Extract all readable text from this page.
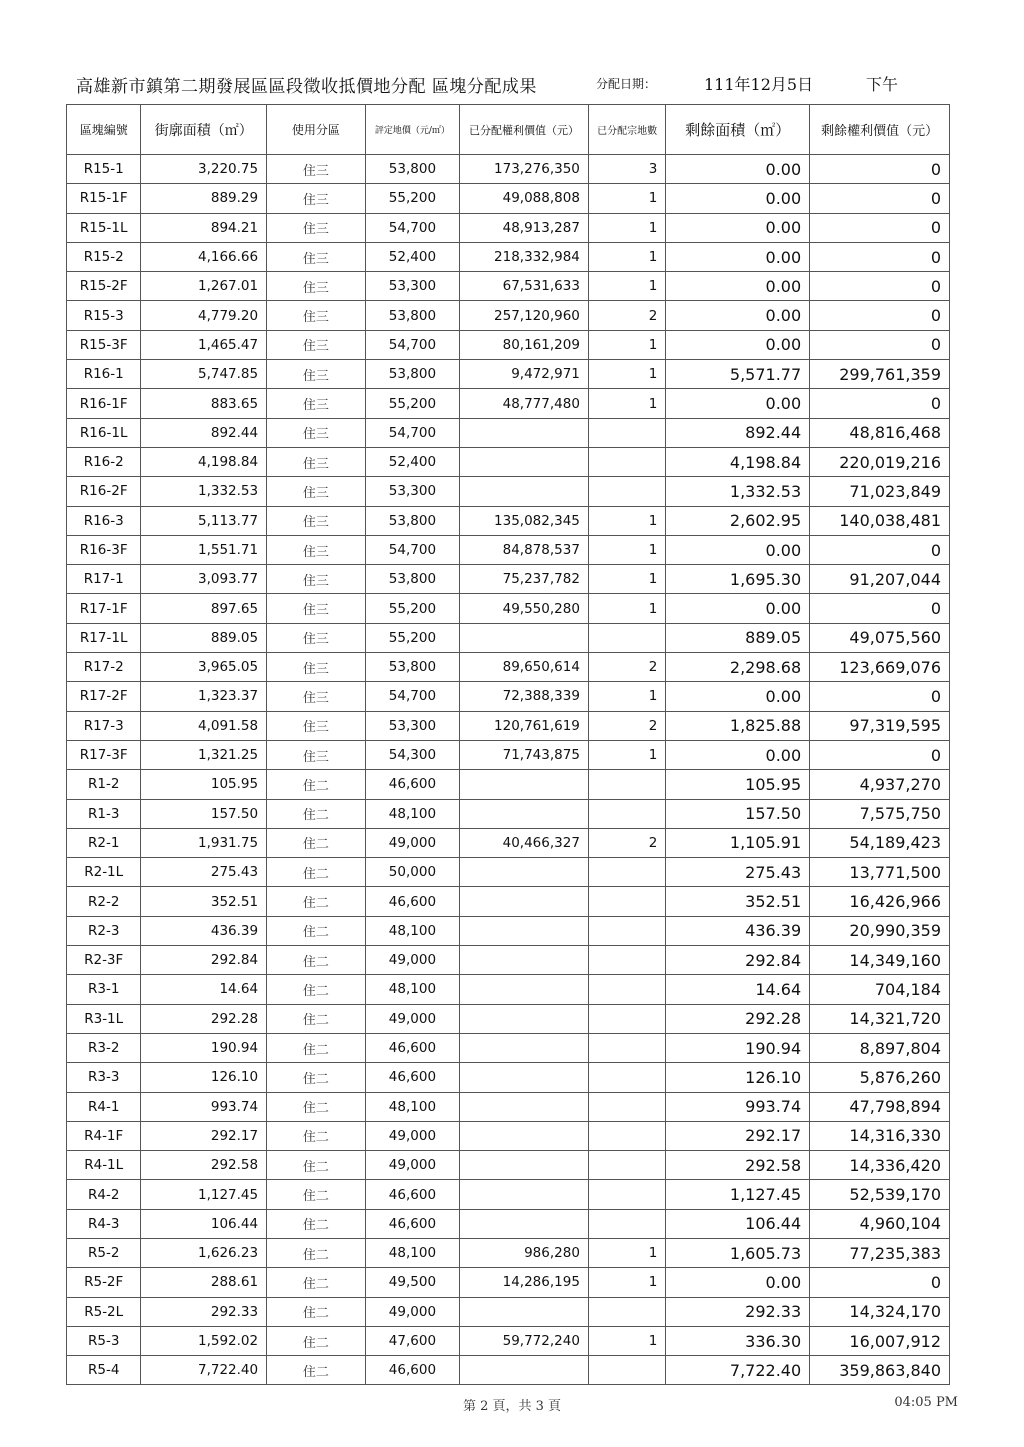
高雄新市鎮第二期發展區區段徵收抵價地分配 區塊分配成果	分配日期：	111年12月5日	下午
區塊編號	街廓面積（㎡）	使用分區	評定地價（元/㎡）	已分配權利價值（元）	已分配宗地數	剩餘面積（㎡）	剩餘權利價值（元）
R15-1	3,220.75	住三	53,800	173,276,350	3	0.00	0
R15-1F	889.29	住三	55,200	49,088,808	1	0.00	0
R15-1L	894.21	住三	54,700	48,913,287	1	0.00	0
R15-2	4,166.66	住三	52,400	218,332,984	1	0.00	0
R15-2F	1,267.01	住三	53,300	67,531,633	1	0.00	0
R15-3	4,779.20	住三	53,800	257,120,960	2	0.00	0
R15-3F	1,465.47	住三	54,700	80,161,209	1	0.00	0
R16-1	5,747.85	住三	53,800	9,472,971	1	5,571.77	299,761,359
R16-1F	883.65	住三	55,200	48,777,480	1	0.00	0
R16-1L	892.44	住三	54,700			892.44	48,816,468
R16-2	4,198.84	住三	52,400			4,198.84	220,019,216
R16-2F	1,332.53	住三	53,300			1,332.53	71,023,849
R16-3	5,113.77	住三	53,800	135,082,345	1	2,602.95	140,038,481
R16-3F	1,551.71	住三	54,700	84,878,537	1	0.00	0
R17-1	3,093.77	住三	53,800	75,237,782	1	1,695.30	91,207,044
R17-1F	897.65	住三	55,200	49,550,280	1	0.00	0
R17-1L	889.05	住三	55,200			889.05	49,075,560
R17-2	3,965.05	住三	53,800	89,650,614	2	2,298.68	123,669,076
R17-2F	1,323.37	住三	54,700	72,388,339	1	0.00	0
R17-3	4,091.58	住三	53,300	120,761,619	2	1,825.88	97,319,595
R17-3F	1,321.25	住三	54,300	71,743,875	1	0.00	0
R1-2	105.95	住二	46,600			105.95	4,937,270
R1-3	157.50	住二	48,100			157.50	7,575,750
R2-1	1,931.75	住二	49,000	40,466,327	2	1,105.91	54,189,423
R2-1L	275.43	住二	50,000			275.43	13,771,500
R2-2	352.51	住二	46,600			352.51	16,426,966
R2-3	436.39	住二	48,100			436.39	20,990,359
R2-3F	292.84	住二	49,000			292.84	14,349,160
R3-1	14.64	住二	48,100			14.64	704,184
R3-1L	292.28	住二	49,000			292.28	14,321,720
R3-2	190.94	住二	46,600			190.94	8,897,804
R3-3	126.10	住二	46,600			126.10	5,876,260
R4-1	993.74	住二	48,100			993.74	47,798,894
R4-1F	292.17	住二	49,000			292.17	14,316,330
R4-1L	292.58	住二	49,000			292.58	14,336,420
R4-2	1,127.45	住二	46,600			1,127.45	52,539,170
R4-3	106.44	住二	46,600			106.44	4,960,104
R5-2	1,626.23	住二	48,100	986,280	1	1,605.73	77,235,383
R5-2F	288.61	住二	49,500	14,286,195	1	0.00	0
R5-2L	292.33	住二	49,000			292.33	14,324,170
R5-3	1,592.02	住二	47,600	59,772,240	1	336.30	16,007,912
R5-4	7,722.40	住二	46,600			7,722.40	359,863,840
第 2 頁，共 3 頁	04:05 PM
